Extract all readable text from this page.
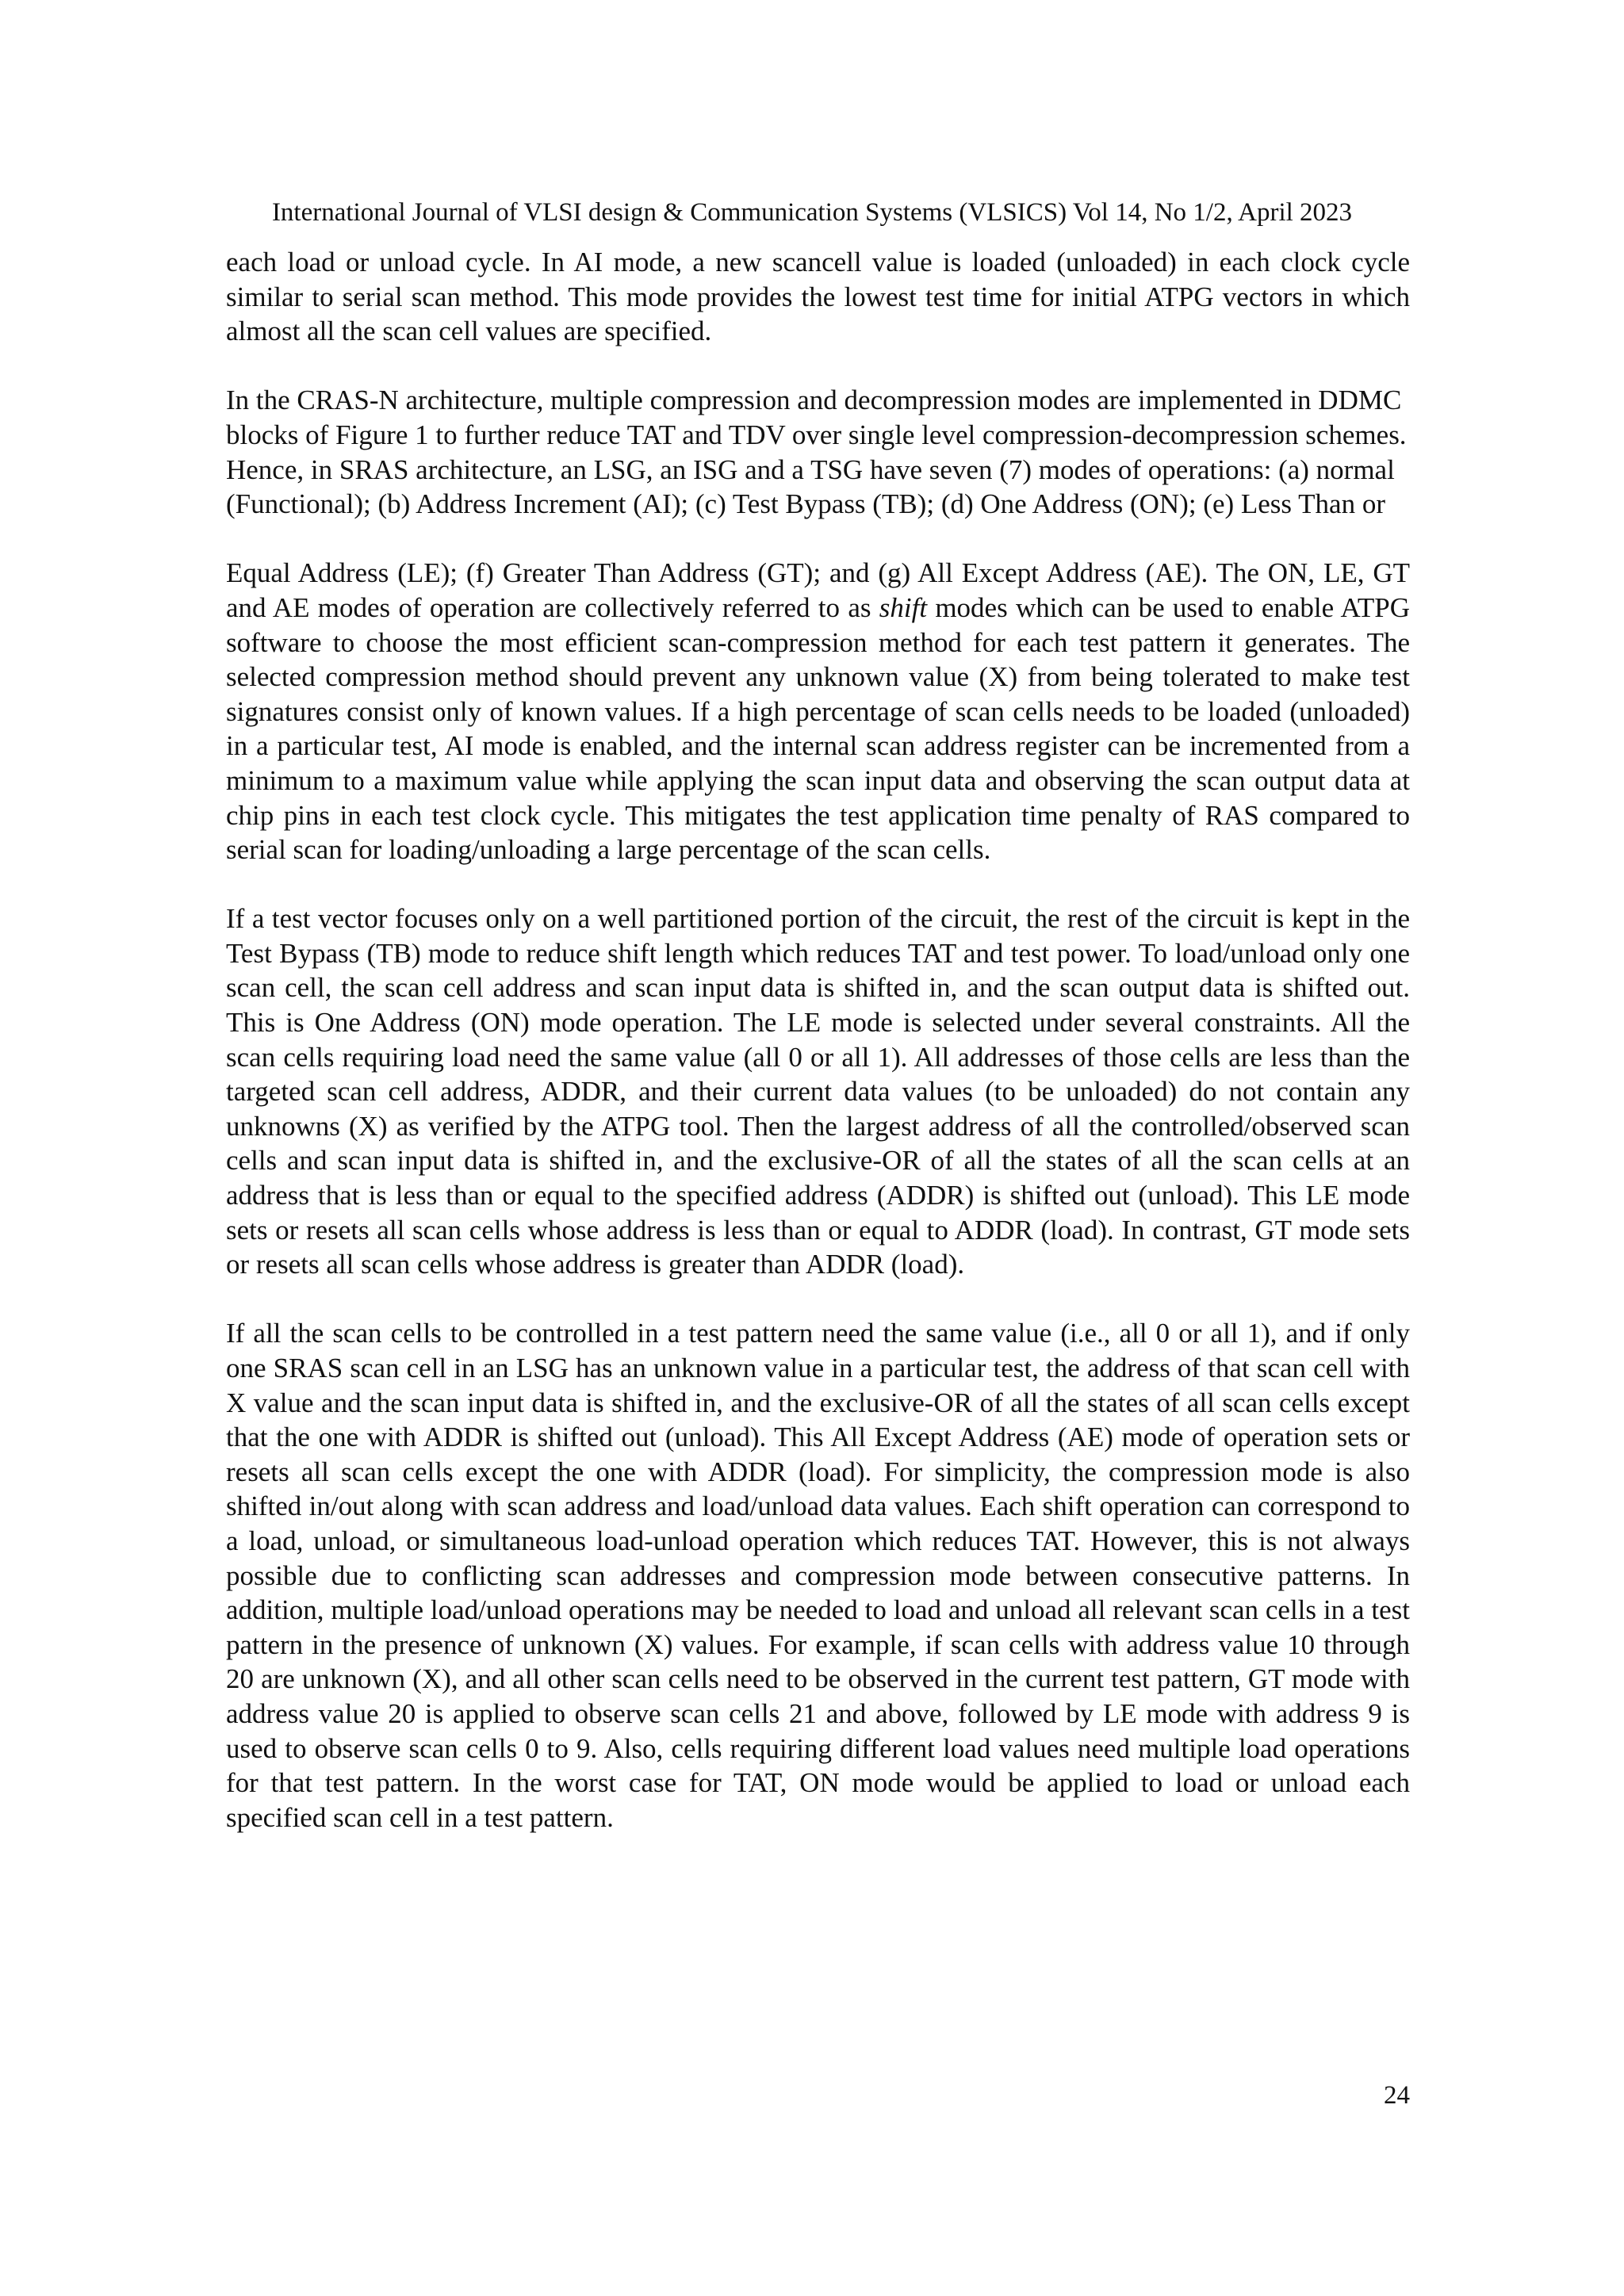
International Journal of VLSI design & Communication Systems (VLSICS) Vol 14, No 1/2, April 2023

each load or unload cycle. In AI mode, a new scancell value is loaded (unloaded) in each clock cycle similar to serial scan method. This mode provides the lowest test time for initial ATPG vectors in which almost all the scan cell values are specified.

In the CRAS-N architecture, multiple compression and decompression modes are implemented in DDMC blocks of Figure 1 to further reduce TAT and TDV over single level compression-decompression schemes. Hence, in SRAS architecture, an LSG, an ISG and a TSG have seven (7) modes of operations: (a) normal (Functional); (b) Address Increment (AI); (c) Test Bypass (TB); (d) One Address (ON); (e) Less Than or

Equal Address (LE); (f) Greater Than Address (GT); and (g) All Except Address (AE). The ON, LE, GT and AE modes of operation are collectively referred to as shift modes which can be used to enable ATPG software to choose the most efficient scan-compression method for each test pattern it generates. The selected compression method should prevent any unknown value (X) from being tolerated to make test signatures consist only of known values. If a high percentage of scan cells needs to be loaded (unloaded) in a particular test, AI mode is enabled, and the internal scan address register can be incremented from a minimum to a maximum value while applying the scan input data and observing the scan output data at chip pins in each test clock cycle. This mitigates the test application time penalty of RAS compared to serial scan for loading/unloading a large percentage of the scan cells.

If a test vector focuses only on a well partitioned portion of the circuit, the rest of the circuit is kept in the Test Bypass (TB) mode to reduce shift length which reduces TAT and test power. To load/unload only one scan cell, the scan cell address and scan input data is shifted in, and the scan output data is shifted out. This is One Address (ON) mode operation. The LE mode is selected under several constraints. All the scan cells requiring load need the same value (all 0 or all 1). All addresses of those cells are less than the targeted scan cell address, ADDR, and their current data values (to be unloaded) do not contain any unknowns (X) as verified by the ATPG tool. Then the largest address of all the controlled/observed scan cells and scan input data is shifted in, and the exclusive-OR of all the states of all the scan cells at an address that is less than or equal to the specified address (ADDR) is shifted out (unload). This LE mode sets or resets all scan cells whose address is less than or equal to ADDR (load). In contrast, GT mode sets or resets all scan cells whose address is greater than ADDR (load).

If all the scan cells to be controlled in a test pattern need the same value (i.e., all 0 or all 1), and if only one SRAS scan cell in an LSG has an unknown value in a particular test, the address of that scan cell with X value and the scan input data is shifted in, and the exclusive-OR of all the states of all scan cells except that the one with ADDR is shifted out (unload). This All Except Address (AE) mode of operation sets or resets all scan cells except the one with ADDR (load). For simplicity, the compression mode is also shifted in/out along with scan address and load/unload data values. Each shift operation can correspond to a load, unload, or simultaneous load-unload operation which reduces TAT. However, this is not always possible due to conflicting scan addresses and compression mode between consecutive patterns. In addition, multiple load/unload operations may be needed to load and unload all relevant scan cells in a test pattern in the presence of unknown (X) values. For example, if scan cells with address value 10 through 20 are unknown (X), and all other scan cells need to be observed in the current test pattern, GT mode with address value 20 is applied to observe scan cells 21 and above, followed by LE mode with address 9 is used to observe scan cells 0 to 9. Also, cells requiring different load values need multiple load operations for that test pattern. In the worst case for TAT, ON mode would be applied to load or unload each specified scan cell in a test pattern.

24
